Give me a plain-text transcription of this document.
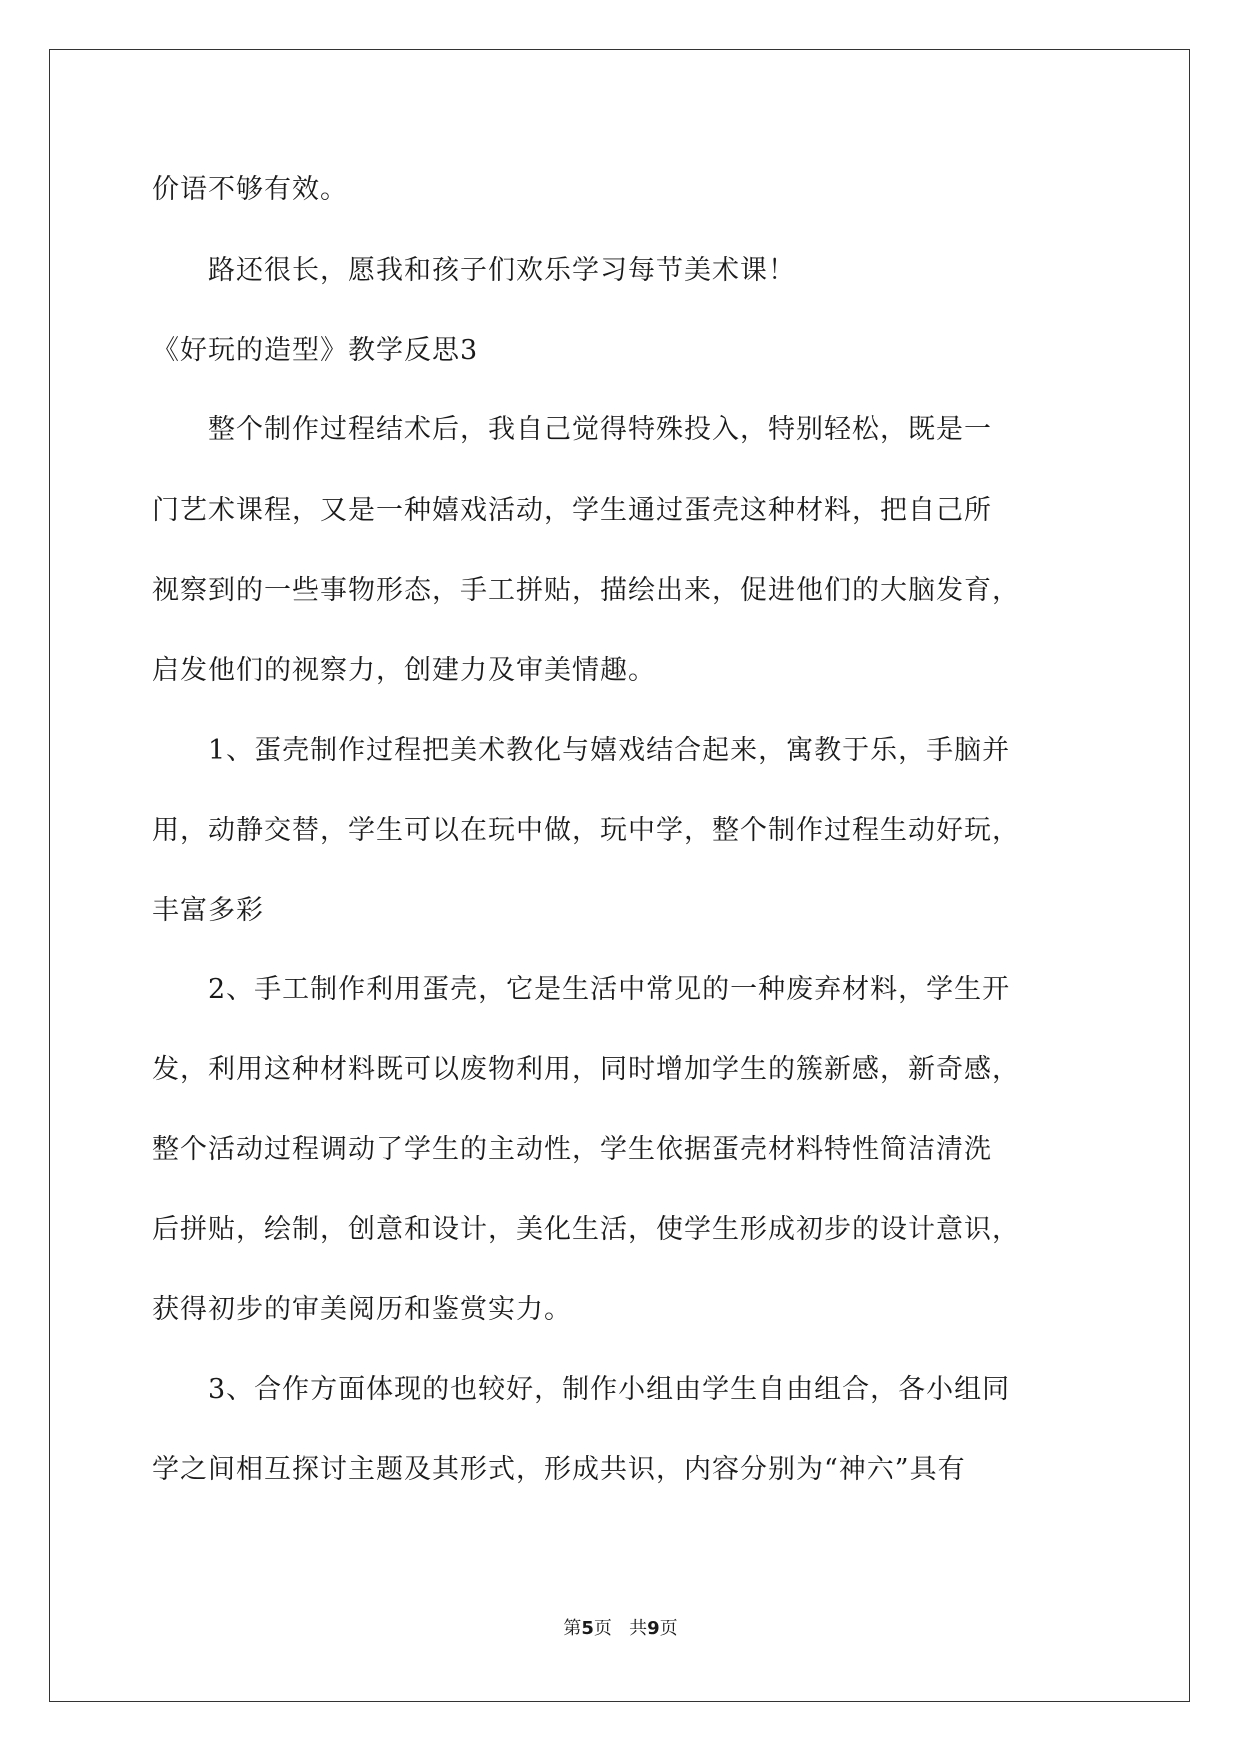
价语不够有效。
　　路还很长，愿我和孩子们欢乐学习每节美术课！
《好玩的造型》教学反思3
　　整个制作过程结术后，我自己觉得特殊投入，特别轻松，既是一
门艺术课程，又是一种嬉戏活动，学生通过蛋壳这种材料，把自己所
视察到的一些事物形态，手工拼贴，描绘出来，促进他们的大脑发育，
启发他们的视察力，创建力及审美情趣。
　　1、蛋壳制作过程把美术教化与嬉戏结合起来，寓教于乐，手脑并
用，动静交替，学生可以在玩中做，玩中学，整个制作过程生动好玩，
丰富多彩
　　2、手工制作利用蛋壳，它是生活中常见的一种废弃材料，学生开
发，利用这种材料既可以废物利用，同时增加学生的簇新感，新奇感，
整个活动过程调动了学生的主动性，学生依据蛋壳材料特性简洁清洗
后拼贴，绘制，创意和设计，美化生活，使学生形成初步的设计意识，
获得初步的审美阅历和鉴赏实力。
　　3、合作方面体现的也较好，制作小组由学生自由组合，各小组同
学之间相互探讨主题及其形式，形成共识，内容分别为“神六”具有
第5页 共9页
